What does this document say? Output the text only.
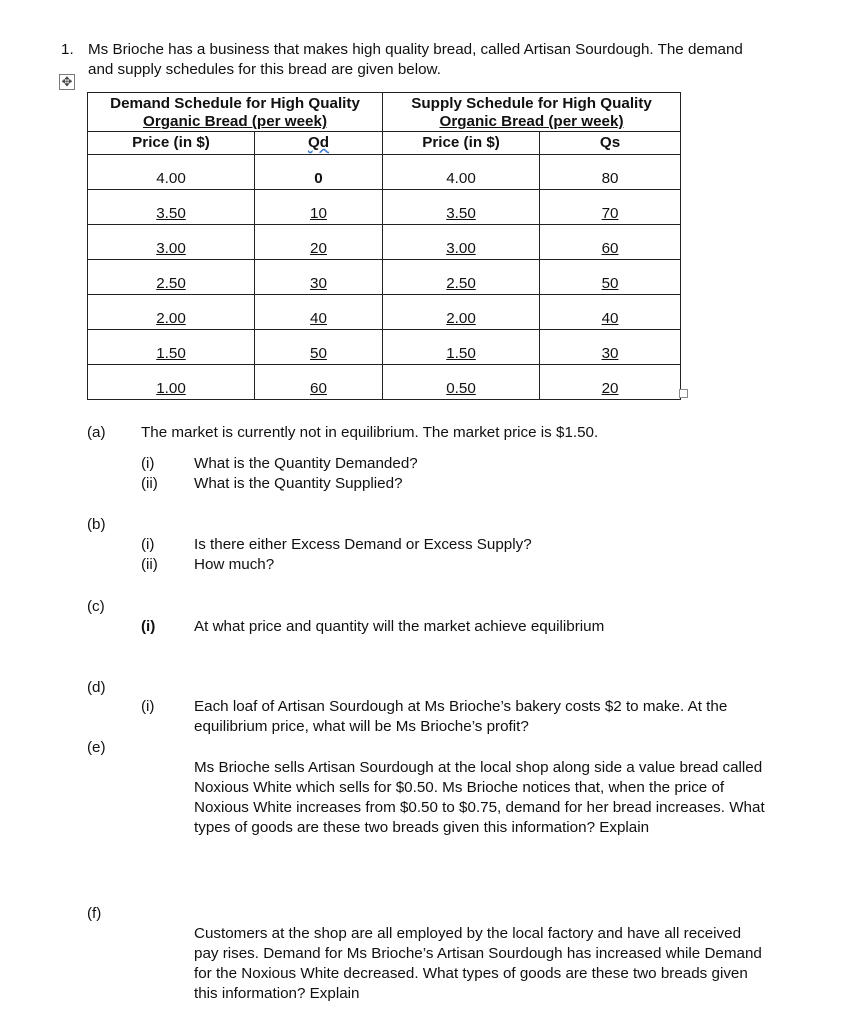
1. Ms Brioche has a business that makes high quality bread, called Artisan Sourdough. The demand
and supply schedules for this bread are given below.
✥
Demand Schedule for High Quality
Organic Bread (per week)		Supply Schedule for High Quality
Organic Bread (per week)	

Price (in $)	Qd	Price (in $)	Qs
4.00	0	4.00	80
3.50	10	3.50	70
3.00	20	3.00	60
2.50	30	2.50	50
2.00	40	2.00	40
1.50	50	1.50	30
1.00	60	0.50	20
(a) The market is currently not in equilibrium. The market price is $1.50.
(i)	What is the Quantity Demanded?
(ii) What is the Quantity Supplied?
(b)
(i)	Is there either Excess Demand or Excess Supply?
(ii) How much?
(c)
(i)	At what price and quantity will the market achieve equilibrium
(d)
(i)	Each loaf of Artisan Sourdough at Ms Brioche’s bakery costs $2 to make. At the
equilibrium price, what will be Ms Brioche’s profit?
(e)
Ms Brioche sells Artisan Sourdough at the local shop along side a value bread called
Noxious White which sells for $0.50. Ms Brioche notices that, when the price of
Noxious White increases from $0.50 to $0.75, demand for her bread increases. What
types of goods are these two breads given this information? Explain
(f)
Customers at the shop are all employed by the local factory and have all received
pay rises. Demand for Ms Brioche’s Artisan Sourdough has increased while Demand
for the Noxious White decreased. What types of goods are these two breads given
this information? Explain
